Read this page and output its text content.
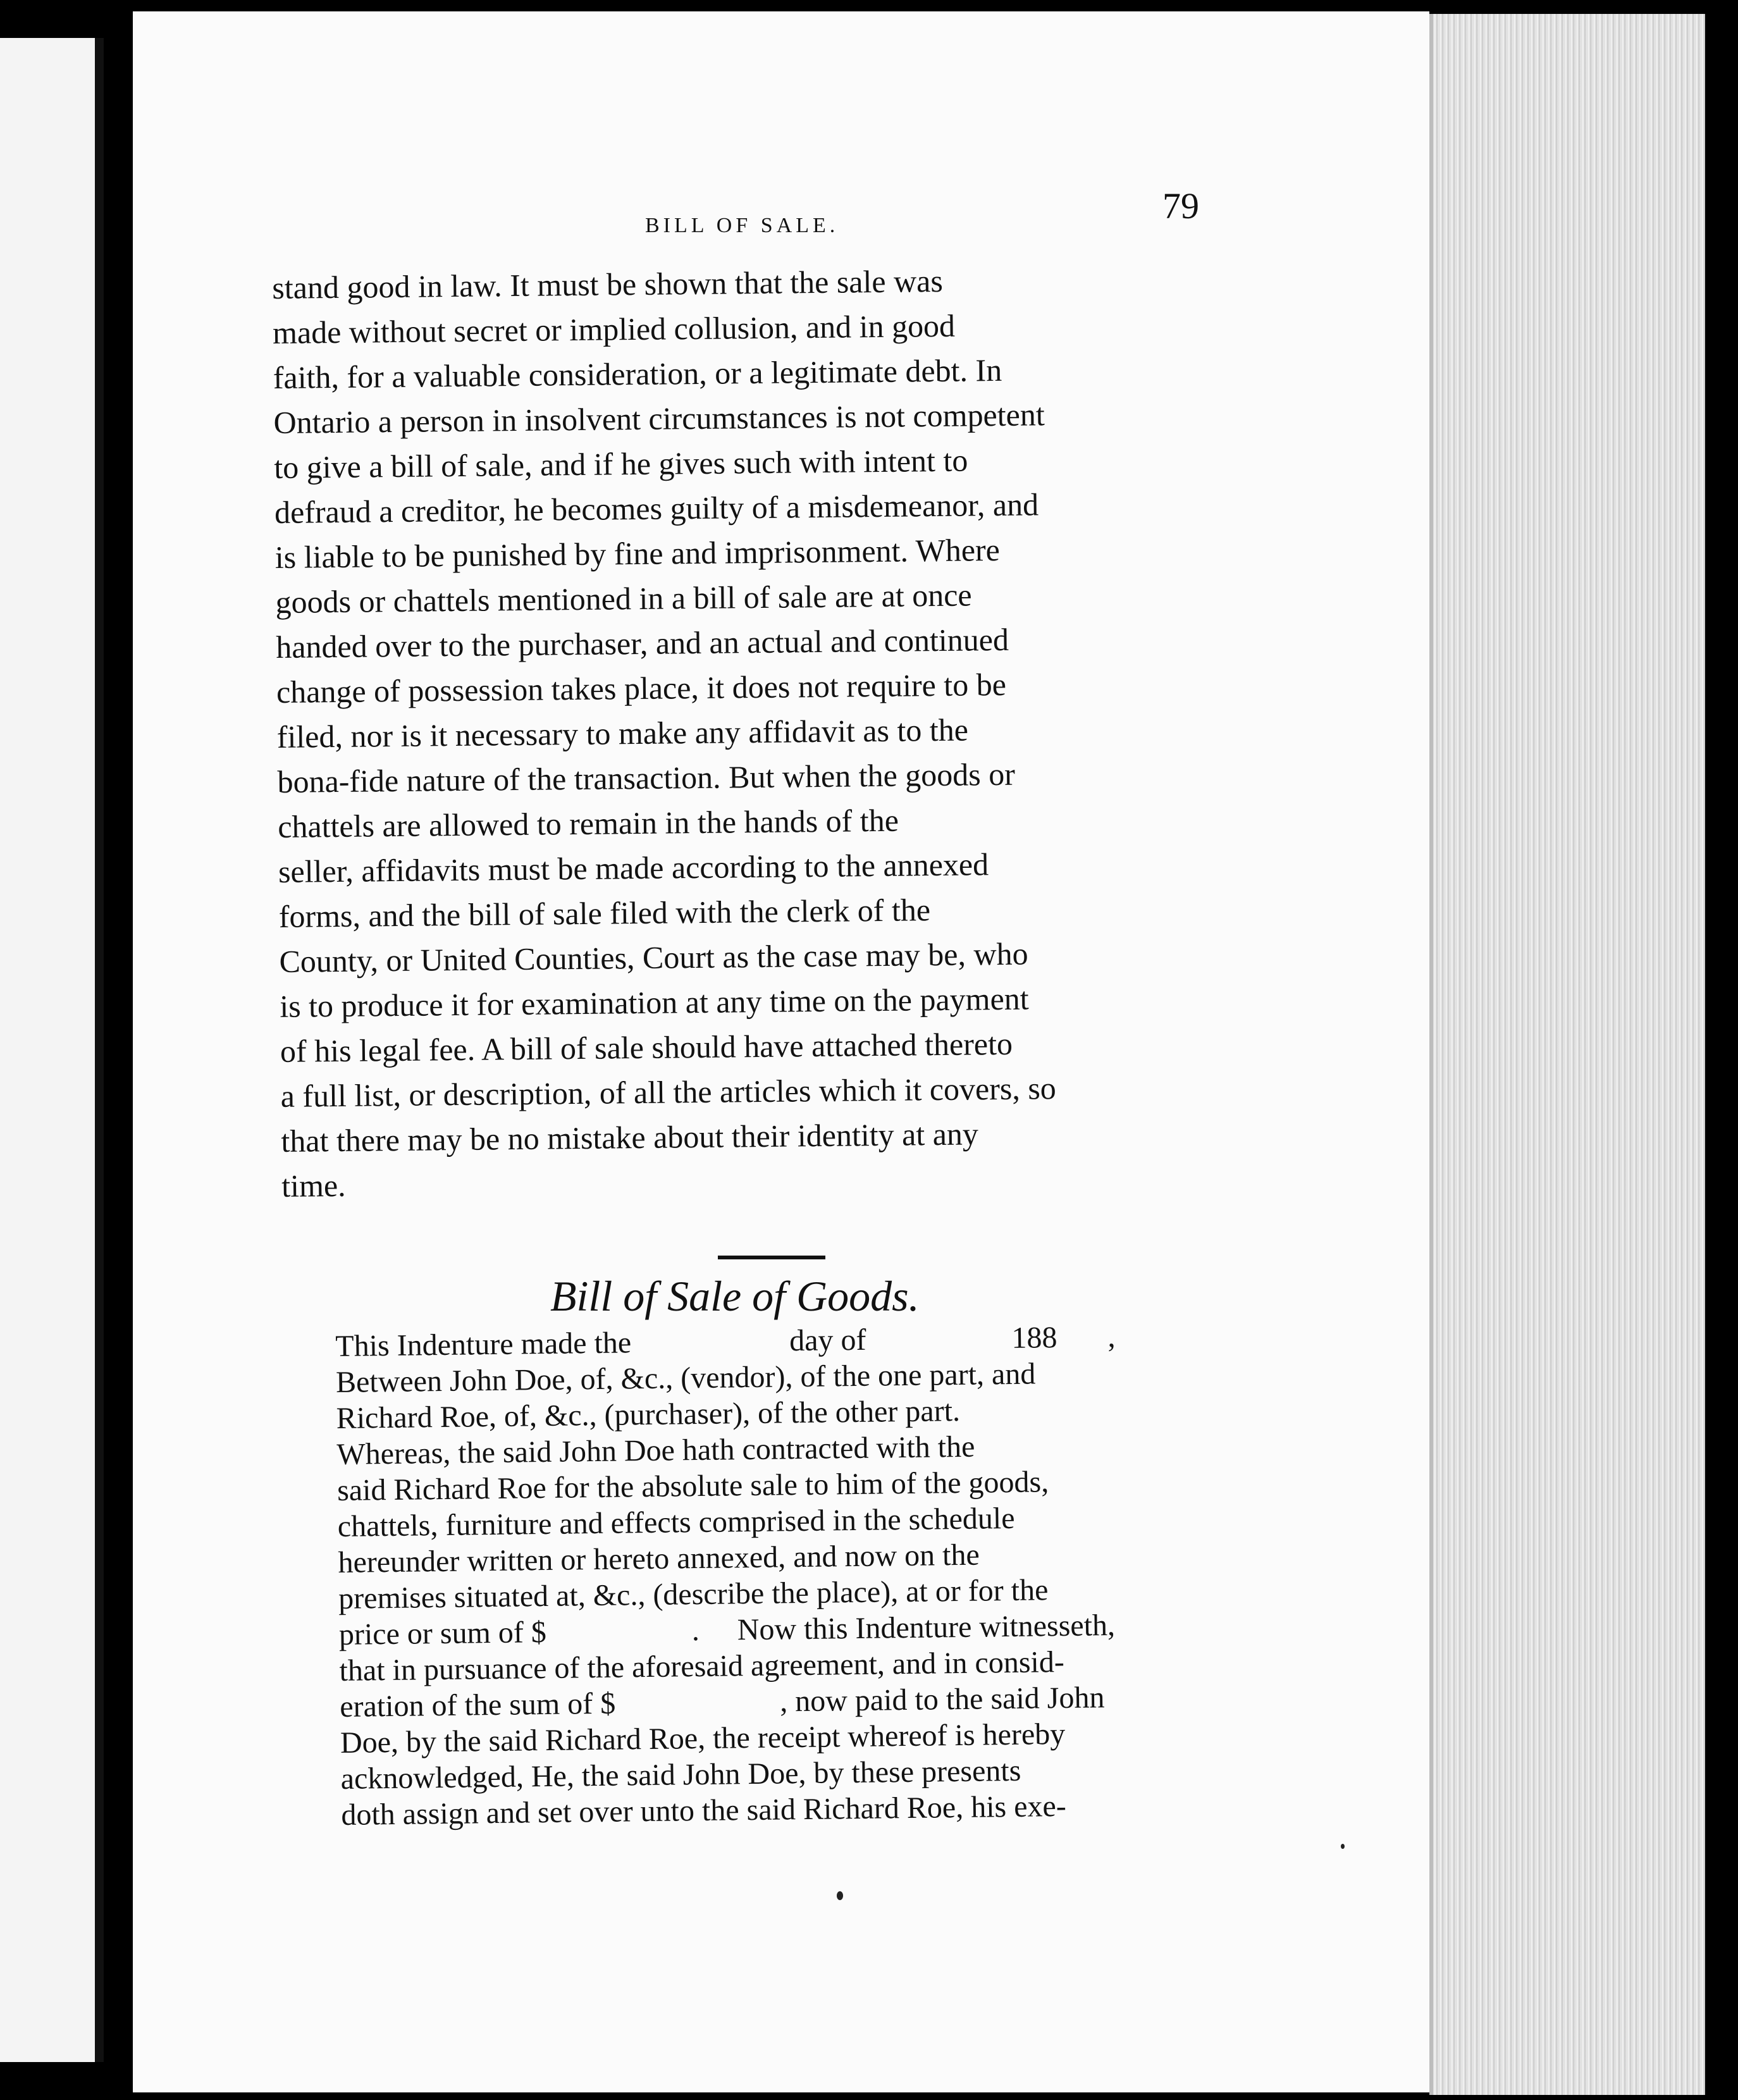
BILL OF SALE.	79
stand good in law. It must be shown that the sale was
made without secret or implied collusion, and in good
faith, for a valuable consideration, or a legitimate debt. In
Ontario a person in insolvent circumstances is not competent
to give a bill of sale, and if he gives such with intent to
defraud a creditor, he becomes guilty of a misdemeanor, and
is liable to be punished by fine and imprisonment. Where
goods or chattels mentioned in a bill of sale are at once
handed over to the purchaser, and an actual and continued
change of possession takes place, it does not require to be
filed, nor is it necessary to make any affidavit as to the
bona-fide nature of the transaction. But when the goods or
chattels are allowed to remain in the hands of the
seller, affidavits must be made according to the annexed
forms, and the bill of sale filed with the clerk of the
County, or United Counties, Court as the case may be, who
is to produce it for examination at any time on the payment
of his legal fee. A bill of sale should have attached thereto
a full list, or description, of all the articles which it covers, so
that there may be no mistake about their identity at any
time.
Bill of Sale of Goods.
This Indenture made the	day of	188 ,
Between John Doe, of, &c., (vendor), of the one part, and
Richard Roe, of, &c., (purchaser), of the other part.
Whereas, the said John Doe hath contracted with the
said Richard Roe for the absolute sale to him of the goods,
chattels, furniture and effects comprised in the schedule
hereunder written or hereto annexed, and now on the
premises situated at, &c., (describe the place), at or for the
price or sum of $	. Now this Indenture witnesseth,
that in pursuance of the aforesaid agreement, and in consid-
eration of the sum of $	, now paid to the said John
Doe, by the said Richard Roe, the receipt whereof is hereby
acknowledged, He, the said John Doe, by these presents
doth assign and set over unto the said Richard Roe, his exe-
